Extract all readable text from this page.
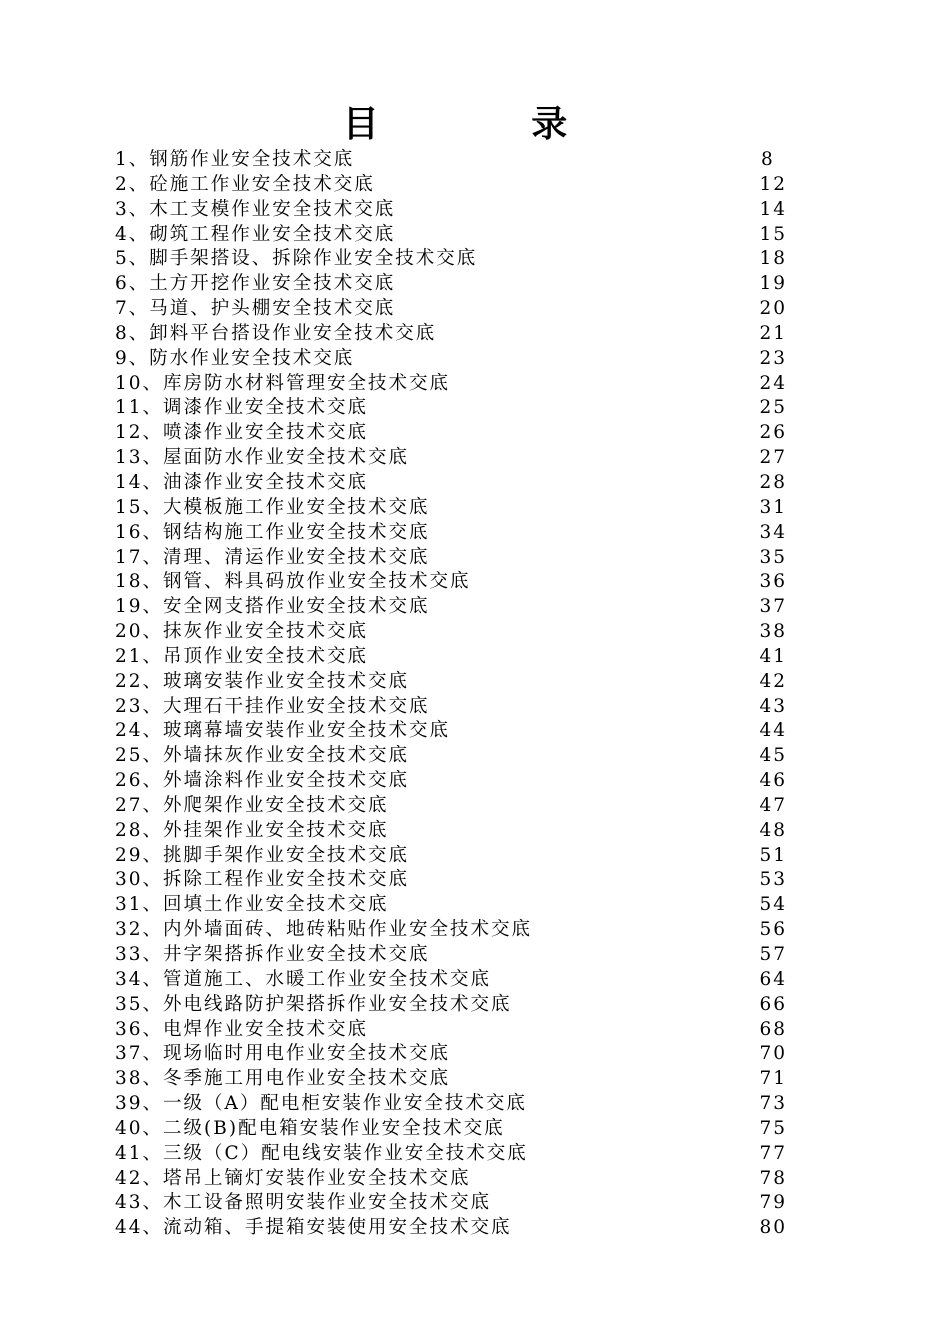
目 录
1、钢筋作业安全技术交底	8
2、砼施工作业安全技术交底	12
3、木工支模作业安全技术交底	14
4、砌筑工程作业安全技术交底	15
5、脚手架搭设、拆除作业安全技术交底	18
6、土方开挖作业安全技术交底	19
7、马道、护头棚安全技术交底	20
8、卸料平台搭设作业安全技术交底	21
9、防水作业安全技术交底	23
10、库房防水材料管理安全技术交底	24
11、调漆作业安全技术交底	25
12、喷漆作业安全技术交底	26
13、屋面防水作业安全技术交底	27
14、油漆作业安全技术交底	28
15、大模板施工作业安全技术交底	31
16、钢结构施工作业安全技术交底	34
17、清理、清运作业安全技术交底	35
18、钢管、料具码放作业安全技术交底	36
19、安全网支搭作业安全技术交底	37
20、抹灰作业安全技术交底	38
21、吊顶作业安全技术交底	41
22、玻璃安装作业安全技术交底	42
23、大理石干挂作业安全技术交底	43
24、玻璃幕墙安装作业安全技术交底	44
25、外墙抹灰作业安全技术交底	45
26、外墙涂料作业安全技术交底	46
27、外爬架作业安全技术交底	47
28、外挂架作业安全技术交底	48
29、挑脚手架作业安全技术交底	51
30、拆除工程作业安全技术交底	53
31、回填土作业安全技术交底	54
32、内外墙面砖、地砖粘贴作业安全技术交底	56
33、井字架搭拆作业安全技术交底	57
34、管道施工、水暖工作业安全技术交底	64
35、外电线路防护架搭拆作业安全技术交底	66
36、电焊作业安全技术交底	68
37、现场临时用电作业安全技术交底	70
38、冬季施工用电作业安全技术交底	71
39、一级（A）配电柜安装作业安全技术交底	73
40、二级(B)配电箱安装作业安全技术交底	75
41、三级（C）配电线安装作业安全技术交底	77
42、塔吊上镝灯安装作业安全技术交底	78
43、木工设备照明安装作业安全技术交底	79
44、流动箱、手提箱安装使用安全技术交底	80
